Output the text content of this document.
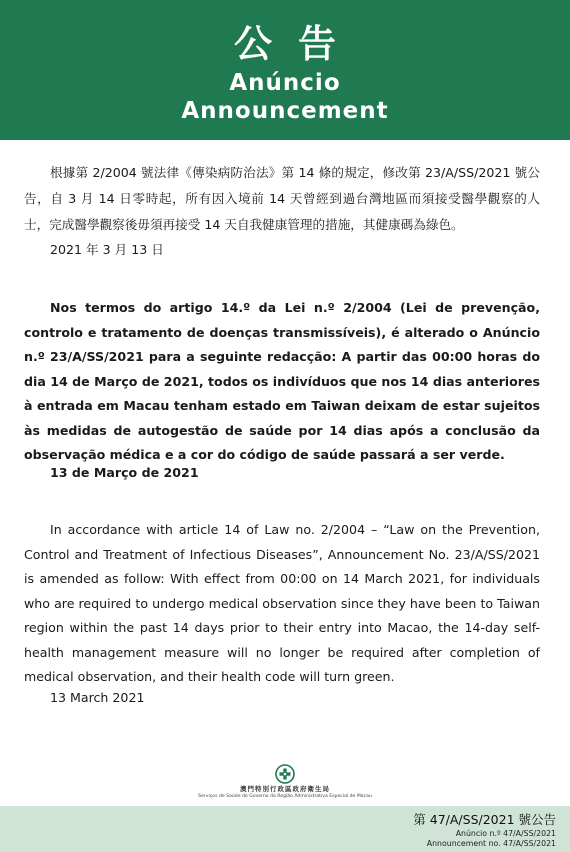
公告
Anúncio
Announcement

根據第 2/2004 號法律《傳染病防治法》第 14 條的規定，修改第 23/A/SS/2021 號公告，自 3 月 14 日零時起，所有因入境前 14 天曾經到過台灣地區而須接受醫學觀察的人士，完成醫學觀察後毋須再接受 14 天自我健康管理的措施，其健康碼為綠色。

2021 年 3 月 13 日

Nos termos do artigo 14.º da Lei n.º 2/2004 (Lei de prevenção, controlo e tratamento de doenças transmissíveis), é alterado o Anúncio n.º 23/A/SS/2021 para a seguinte redacção: A partir das 00:00 horas do dia 14 de Março de 2021, todos os indivíduos que nos 14 dias anteriores à entrada em Macau tenham estado em Taiwan deixam de estar sujeitos às medidas de autogestão de saúde por 14 dias após a conclusão da observação médica e a cor do código de saúde passará a ser verde.

13 de Março de 2021

In accordance with article 14 of Law no. 2/2004 – “Law on the Prevention, Control and Treatment of Infectious Diseases”, Announcement No. 23/A/SS/2021 is amended as follow: With effect from 00:00 on 14 March 2021, for individuals who are required to undergo medical observation since they have been to Taiwan region within the past 14 days prior to their entry into Macao, the 14-day self-health management measure will no longer be required after completion of medical observation, and their health code will turn green.

13 March 2021
澳門特別行政區政府衛生局
Serviços de Saúde do Governo da Região Administrativa Especial de Macau
第 47/A/SS/2021 號公告
Anúncio n.º 47/A/SS/2021
Announcement no. 47/A/SS/2021
